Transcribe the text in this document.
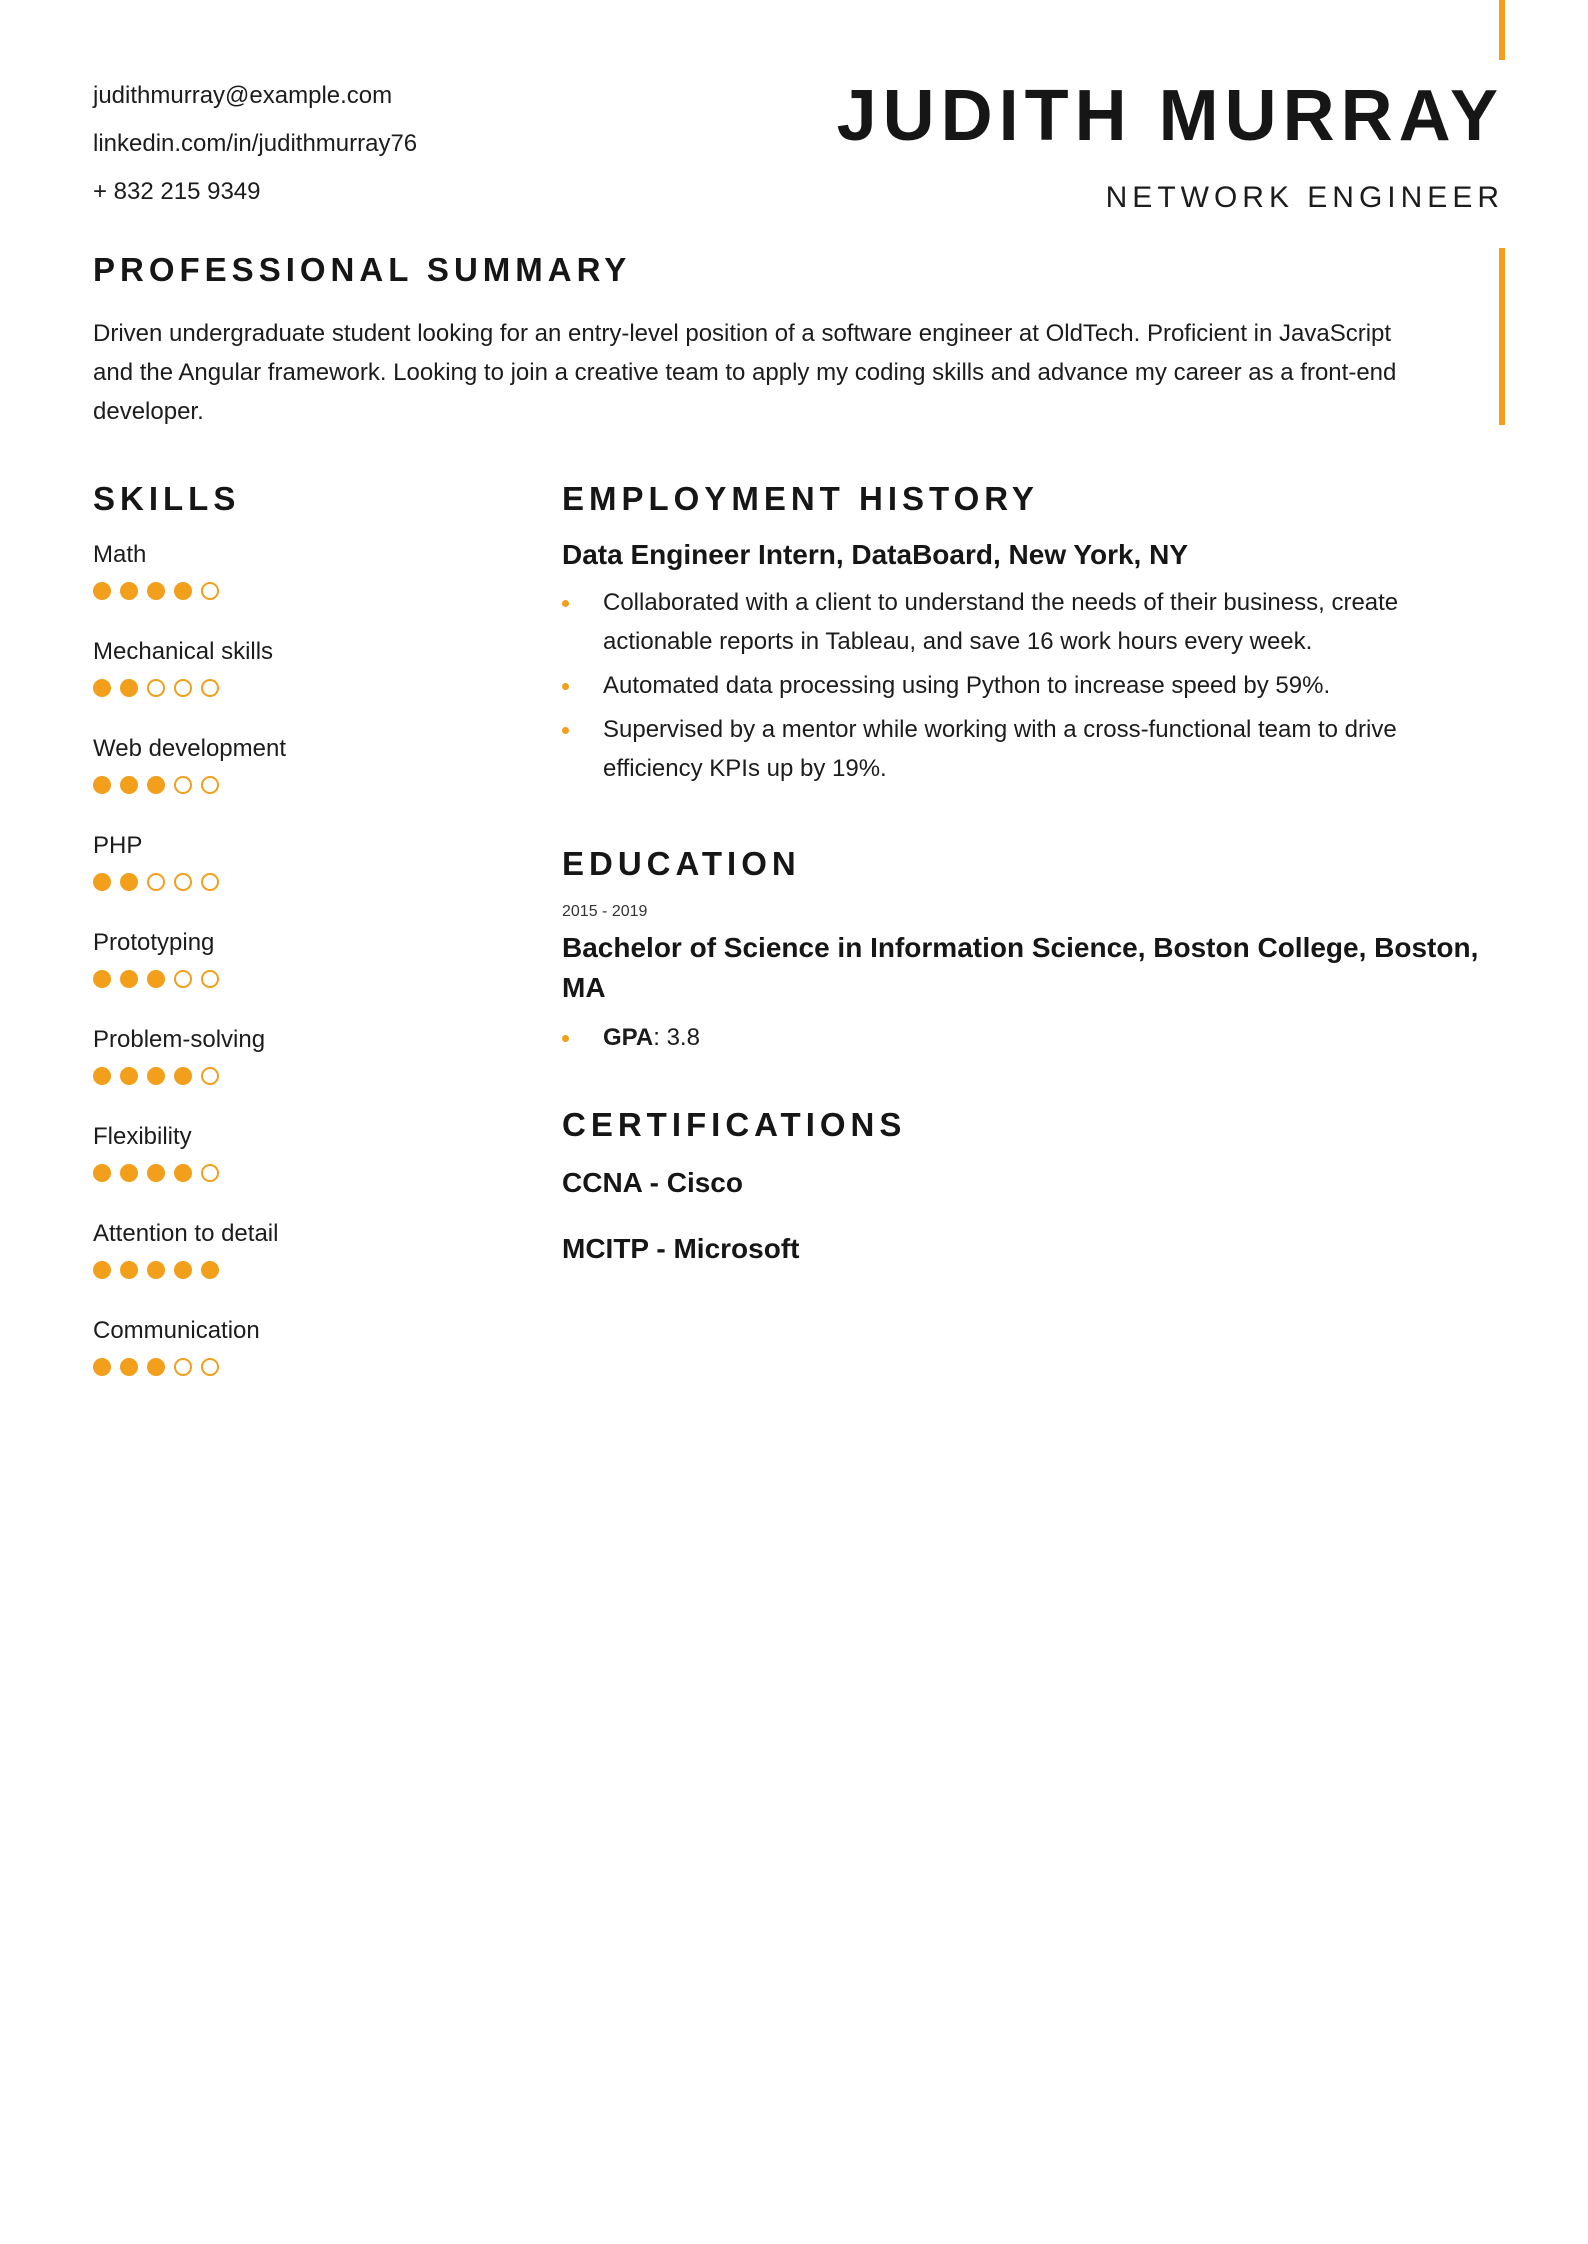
judithmurray@example.com
linkedin.com/in/judithmurray76
+ 832 215 9349
JUDITH MURRAY
NETWORK ENGINEER
PROFESSIONAL SUMMARY

Driven undergraduate student looking for an entry-level position of a software engineer at OldTech. Proficient in JavaScript and the Angular framework. Looking to join a creative team to apply my coding skills and advance my career as a front-end developer.

SKILLS
Math
Mechanical skills
Web development
PHP
Prototyping
Problem-solving
Flexibility
Attention to detail
Communication
EMPLOYMENT HISTORY
Data Engineer Intern, DataBoard, New York, NY
Collaborated with a client to understand the needs of their business, create actionable reports in Tableau, and save 16 work hours every week.
Automated data processing using Python to increase speed by 59%.
Supervised by a mentor while working with a cross-functional team to drive efficiency KPIs up by 19%.
EDUCATION
2015 - 2019
Bachelor of Science in Information Science, Boston College, Boston, MA
GPA: 3.8
CERTIFICATIONS
CCNA - Cisco
MCITP - Microsoft
